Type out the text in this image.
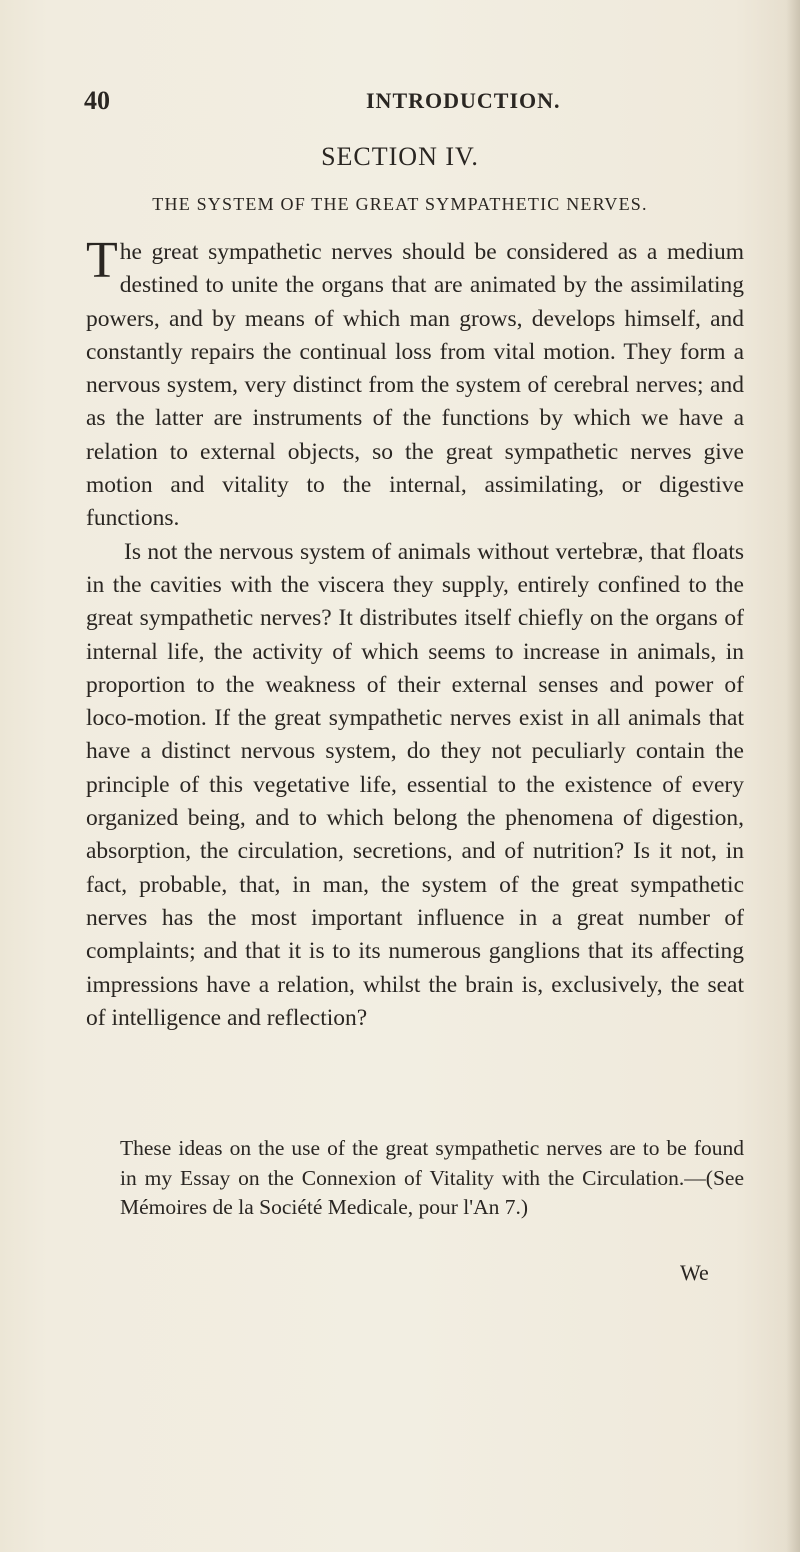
40	INTRODUCTION.
SECTION IV.
THE SYSTEM OF THE GREAT SYMPATHETIC NERVES.

The great sympathetic nerves should be considered as a medium destined to unite the organs that are animated by the assimilating powers, and by means of which man grows, develops himself, and constantly repairs the continual loss from vital motion. They form a nervous system, very distinct from the system of cerebral nerves; and as the latter are instruments of the functions by which we have a relation to external objects, so the great sympathetic nerves give motion and vitality to the internal, assimilating, or digestive functions.

Is not the nervous system of animals without vertebræ, that floats in the cavities with the viscera they supply, entirely confined to the great sympathetic nerves? It distributes itself chiefly on the organs of internal life, the activity of which seems to increase in animals, in proportion to the weakness of their external senses and power of loco-motion. If the great sympathetic nerves exist in all animals that have a distinct nervous system, do they not peculiarly contain the principle of this vegetative life, essential to the existence of every organized being, and to which belong the phenomena of digestion, absorption, the circulation, secretions, and of nutrition? Is it not, in fact, probable, that, in man, the system of the great sympathetic nerves has the most important influence in a great number of complaints; and that it is to its numerous ganglions that its affecting impressions have a relation, whilst the brain is, exclusively, the seat of intelligence and reflection?

These ideas on the use of the great sympathetic nerves are to be found in my Essay on the Connexion of Vitality with the Circulation.—(See Mémoires de la Société Medicale, pour l'An 7.)

We
